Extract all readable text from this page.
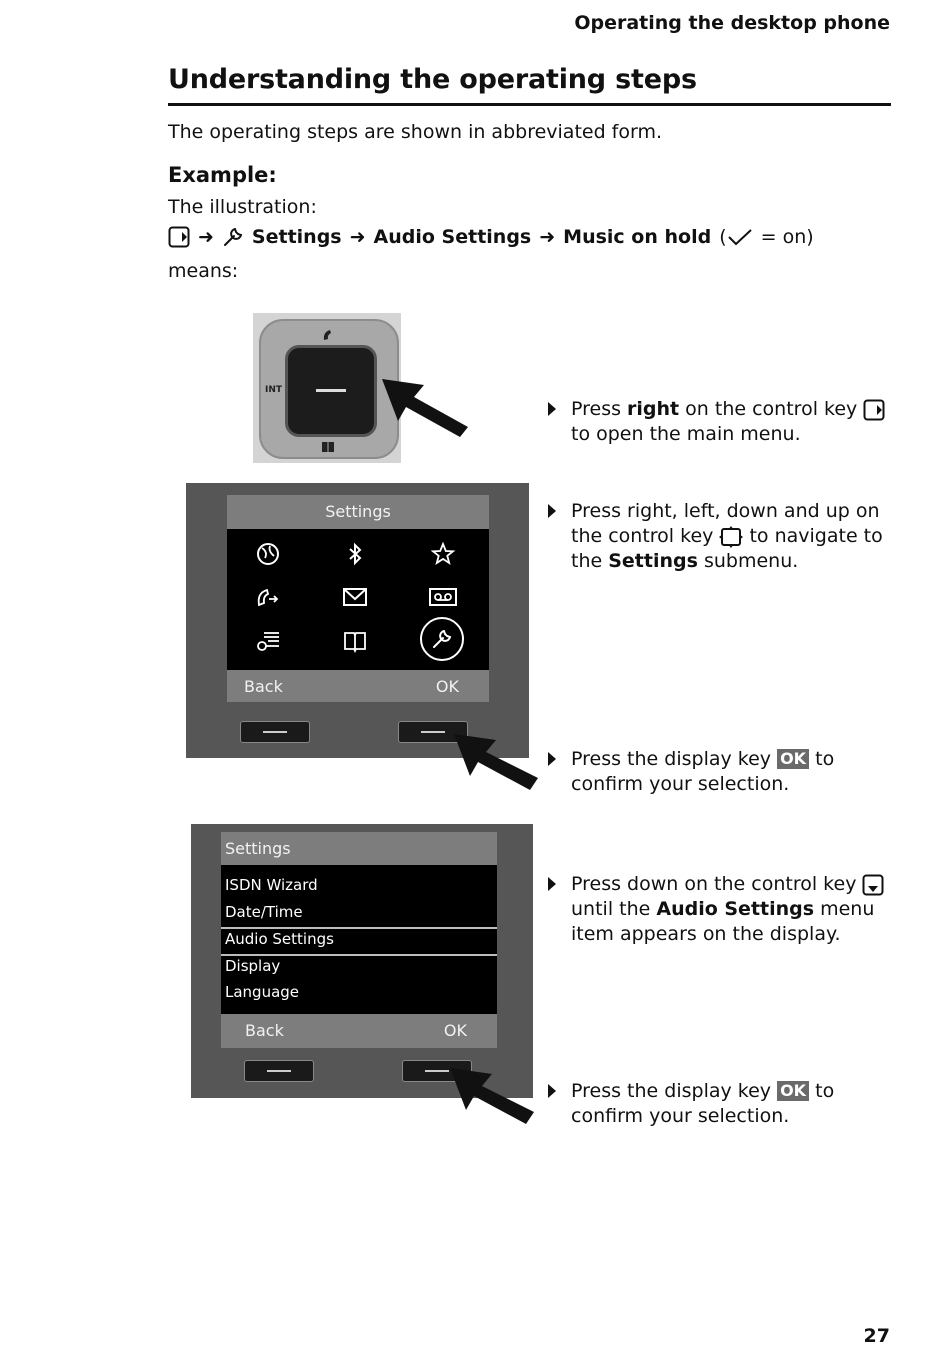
Operating the desktop phone
Understanding the operating steps
The operating steps are shown in abbreviated form.
Example:
The illustration:
➜ Settings ➜ Audio Settings ➜ Music on hold ( = on)
means:
INT
Settings
Back	OK
Settings
ISDN Wizard
Date/Time
Audio Settings
Display
Language
Back	OK
Press right on the control key  to open the main menu.
Press right, left, down and up on the control key  to navigate to the Settings submenu.
Press the display key OK to confirm your selection.
Press down on the control key  until the Audio Settings menu item appears on the display.
Press the display key OK to confirm your selection.
27
